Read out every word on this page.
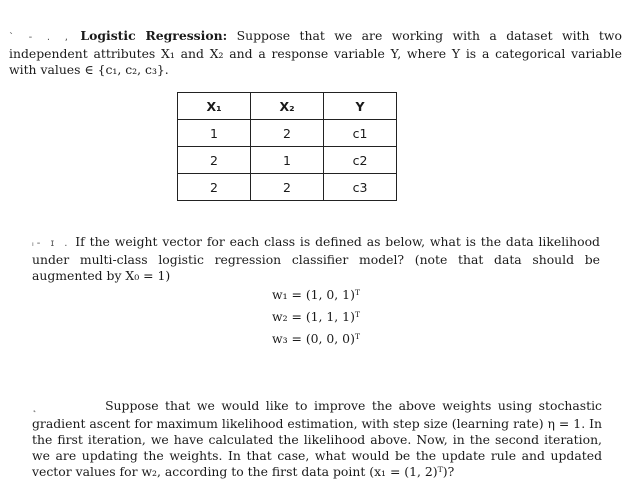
` - . , Logistic Regression: Suppose that we are working with a dataset with two independent attributes X₁ and X₂ and a response variable Y, where Y is a categorical variable with values ∈ {c₁, c₂, c₃}.

X₁	X₂	Y
1	2	c1
2	1	c2
2	2	c3

ᵢ- ɪ . If the weight vector for each class is defined as below, what is the data likelihood under multi-class logistic regression classifier model? (note that data should be augmented by X₀ = 1)

w₁ = (1, 0, 1)ᵀ
w₂ = (1, 1, 1)ᵀ
w₃ = (0, 0, 0)ᵀ

˛	Suppose that we would like to improve the above weights using stochastic gradient ascent for maximum likelihood estimation, with step size (learning rate) η = 1. In the first iteration, we have calculated the likelihood above. Now, in the second iteration, we are updating the weights. In that case, what would be the update rule and updated vector values for w₂, according to the first data point (x₁ = (1, 2)ᵀ)?
